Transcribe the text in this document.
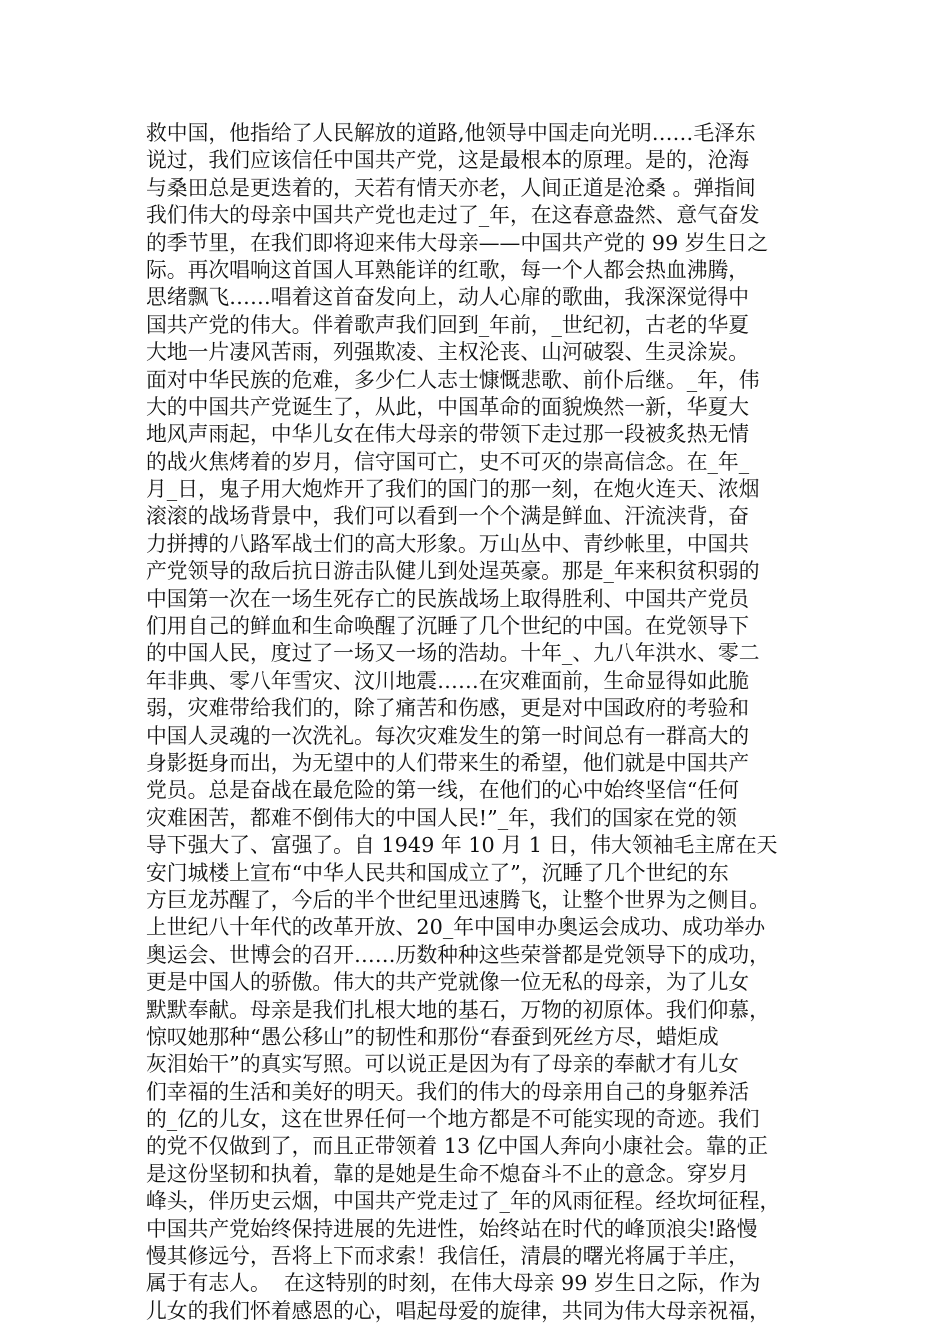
救中国，他指给了人民解放的道路,他领导中国走向光明……毛泽东
说过，我们应该信任中国共产党，这是最根本的原理。是的，沧海
与桑田总是更迭着的，天若有情天亦老，人间正道是沧桑 。弹指间
我们伟大的母亲中国共产党也走过了_年，在这春意盎然、意气奋发
的季节里，在我们即将迎来伟大母亲——中国共产党的 99 岁生日之
际。再次唱响这首国人耳熟能详的红歌，每一个人都会热血沸腾，
思绪飘飞……唱着这首奋发向上，动人心扉的歌曲，我深深觉得中
国共产党的伟大。伴着歌声我们回到_年前，_世纪初，古老的华夏
大地一片凄风苦雨，列强欺凌、主权沦丧、山河破裂、生灵涂炭。
面对中华民族的危难，多少仁人志士慷慨悲歌、前仆后继。_年，伟
大的中国共产党诞生了，从此，中国革命的面貌焕然一新，华夏大
地风声雨起，中华儿女在伟大母亲的带领下走过那一段被炙热无情
的战火焦烤着的岁月，信守国可亡，史不可灭的崇高信念。在_年_
月_日，鬼子用大炮炸开了我们的国门的那一刻，在炮火连天、浓烟
滚滚的战场背景中，我们可以看到一个个满是鲜血、汗流浃背，奋
力拼搏的八路军战士们的高大形象。万山丛中、青纱帐里，中国共
产党领导的敌后抗日游击队健儿到处逞英豪。那是_年来积贫积弱的
中国第一次在一场生死存亡的民族战场上取得胜利、中国共产党员
们用自己的鲜血和生命唤醒了沉睡了几个世纪的中国。在党领导下
的中国人民，度过了一场又一场的浩劫。十年_、九八年洪水、零二
年非典、零八年雪灾、汶川地震……在灾难面前，生命显得如此脆
弱，灾难带给我们的，除了痛苦和伤感，更是对中国政府的考验和
中国人灵魂的一次洗礼。每次灾难发生的第一时间总有一群高大的
身影挺身而出，为无望中的人们带来生的希望，他们就是中国共产
党员。总是奋战在最危险的第一线，在他们的心中始终坚信“任何
灾难困苦，都难不倒伟大的中国人民!”_年，我们的国家在党的领
导下强大了、富强了。自 1949 年 10 月 1 日，伟大领袖毛主席在天
安门城楼上宣布“中华人民共和国成立了”，沉睡了几个世纪的东
方巨龙苏醒了，今后的半个世纪里迅速腾飞，让整个世界为之侧目。
上世纪八十年代的改革开放、20_年中国申办奥运会成功、成功举办
奥运会、世博会的召开……历数种种这些荣誉都是党领导下的成功，
更是中国人的骄傲。伟大的共产党就像一位无私的母亲，为了儿女
默默奉献。母亲是我们扎根大地的基石，万物的初原体。我们仰慕，
惊叹她那种“愚公移山”的韧性和那份“春蚕到死丝方尽，蜡炬成
灰泪始干”的真实写照。可以说正是因为有了母亲的奉献才有儿女
们幸福的生活和美好的明天。我们的伟大的母亲用自己的身躯养活
的_亿的儿女，这在世界任何一个地方都是不可能实现的奇迹。我们
的党不仅做到了，而且正带领着 13 亿中国人奔向小康社会。靠的正
是这份坚韧和执着，靠的是她是生命不熄奋斗不止的意念。穿岁月
峰头，伴历史云烟，中国共产党走过了_年的风雨征程。经坎坷征程，
中国共产党始终保持进展的先进性，始终站在时代的峰顶浪尖!路慢
慢其修远兮，吾将上下而求索！我信任，清晨的曙光将属于羊庄，
属于有志人。  在这特别的时刻，在伟大母亲 99 岁生日之际，作为
儿女的我们怀着感恩的心，唱起母爱的旋律，共同为伟大母亲祝福，
